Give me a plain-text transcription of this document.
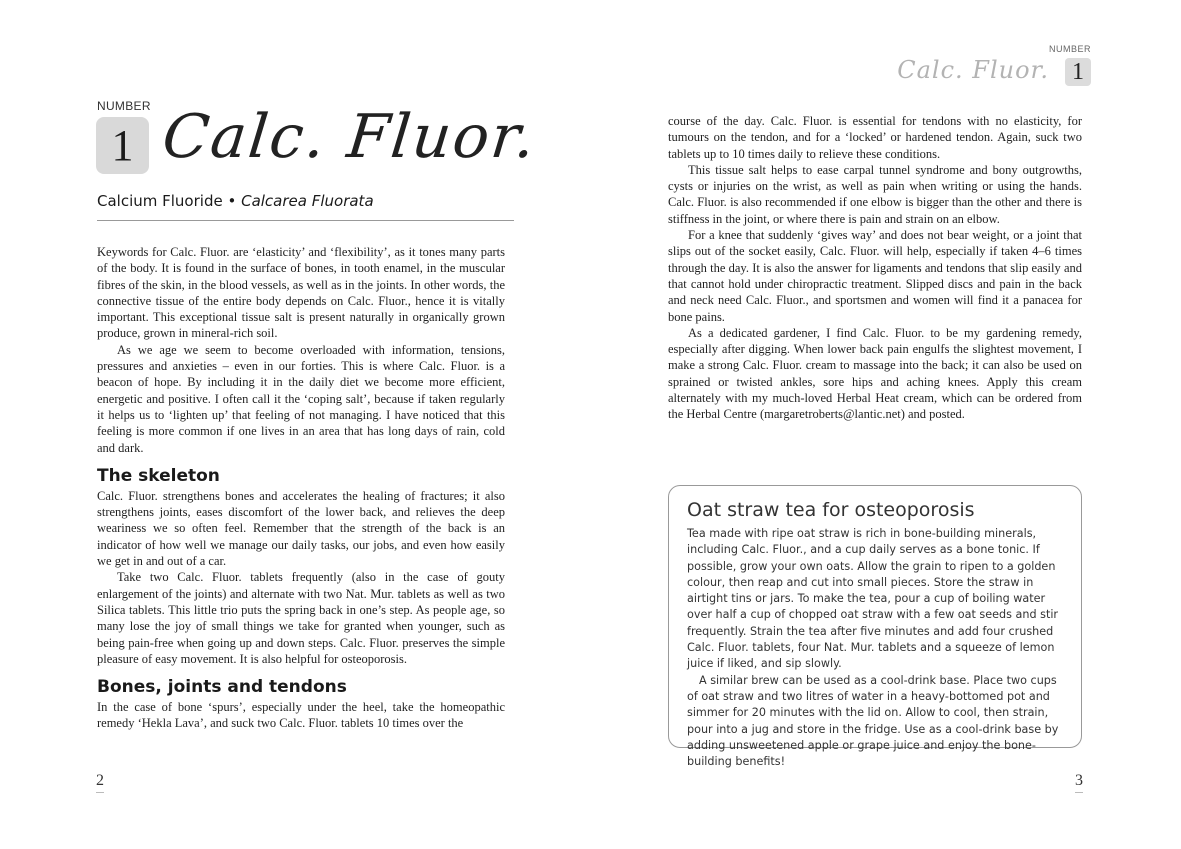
NUMBER
1 Calc. Fluor.
Calcium Fluoride • Calcarea Fluorata

Keywords for Calc. Fluor. are ‘elasticity’ and ‘flexibility’, as it tones many parts of the body. It is found in the surface of bones, in tooth enamel, in the muscular fibres of the skin, in the blood vessels, as well as in the joints. In other words, the connective tissue of the entire body depends on Calc. Fluor., hence it is vitally important. This exceptional tissue salt is present naturally in organically grown produce, grown in mineral-rich soil.

As we age we seem to become overloaded with information, tensions, pressures and anxieties – even in our forties. This is where Calc. Fluor. is a beacon of hope. By including it in the daily diet we become more efficient, energetic and positive. I often call it the ‘coping salt’, because if taken regularly it helps us to ‘lighten up’ that feeling of not managing. I have noticed that this feeling is more common if one lives in an area that has long days of rain, cold and dark.

The skeleton

Calc. Fluor. strengthens bones and accelerates the healing of fractures; it also strengthens joints, eases discomfort of the lower back, and relieves the deep weariness we so often feel. Remember that the strength of the back is an indicator of how well we manage our daily tasks, our jobs, and even how easily we get in and out of a car.

Take two Calc. Fluor. tablets frequently (also in the case of gouty enlargement of the joints) and alternate with two Nat. Mur. tablets as well as two Silica tablets. This little trio puts the spring back in one’s step. As people age, so many lose the joy of small things we take for granted when younger, such as being pain-free when going up and down steps. Calc. Fluor. preserves the simple pleasure of easy movement. It is also helpful for osteoporosis.

Bones, joints and tendons

In the case of bone ‘spurs’, especially under the heel, take the homeopathic remedy ‘Hekla Lava’, and suck two Calc. Fluor. tablets 10 times over the

2
NUMBER
Calc. Fluor. 1

course of the day. Calc. Fluor. is essential for tendons with no elasticity, for tumours on the tendon, and for a ‘locked’ or hardened tendon. Again, suck two tablets up to 10 times daily to relieve these conditions.

This tissue salt helps to ease carpal tunnel syndrome and bony outgrowths, cysts or injuries on the wrist, as well as pain when writing or using the hands. Calc. Fluor. is also recommended if one elbow is bigger than the other and there is stiffness in the joint, or where there is pain and strain on an elbow.

For a knee that suddenly ‘gives way’ and does not bear weight, or a joint that slips out of the socket easily, Calc. Fluor. will help, especially if taken 4–6 times through the day. It is also the answer for ligaments and tendons that slip easily and that cannot hold under chiropractic treatment. Slipped discs and pain in the back and neck need Calc. Fluor., and sportsmen and women will find it a panacea for bone pains.

As a dedicated gardener, I find Calc. Fluor. to be my gardening remedy, especially after digging. When lower back pain engulfs the slightest movement, I make a strong Calc. Fluor. cream to massage into the back; it can also be used on sprained or twisted ankles, sore hips and aching knees. Apply this cream alternately with my much-loved Herbal Heat cream, which can be ordered from the Herbal Centre (margaretroberts@lantic.net) and posted.

Oat straw tea for osteoporosis

Tea made with ripe oat straw is rich in bone-building minerals, including Calc. Fluor., and a cup daily serves as a bone tonic. If possible, grow your own oats. Allow the grain to ripen to a golden colour, then reap and cut into small pieces. Store the straw in airtight tins or jars. To make the tea, pour a cup of boiling water over half a cup of chopped oat straw with a few oat seeds and stir frequently. Strain the tea after five minutes and add four crushed Calc. Fluor. tablets, four Nat. Mur. tablets and a squeeze of lemon juice if liked, and sip slowly.

A similar brew can be used as a cool-drink base. Place two cups of oat straw and two litres of water in a heavy-bottomed pot and simmer for 20 minutes with the lid on. Allow to cool, then strain, pour into a jug and store in the fridge. Use as a cool-drink base by adding unsweetened apple or grape juice and enjoy the bone-building benefits!

3
